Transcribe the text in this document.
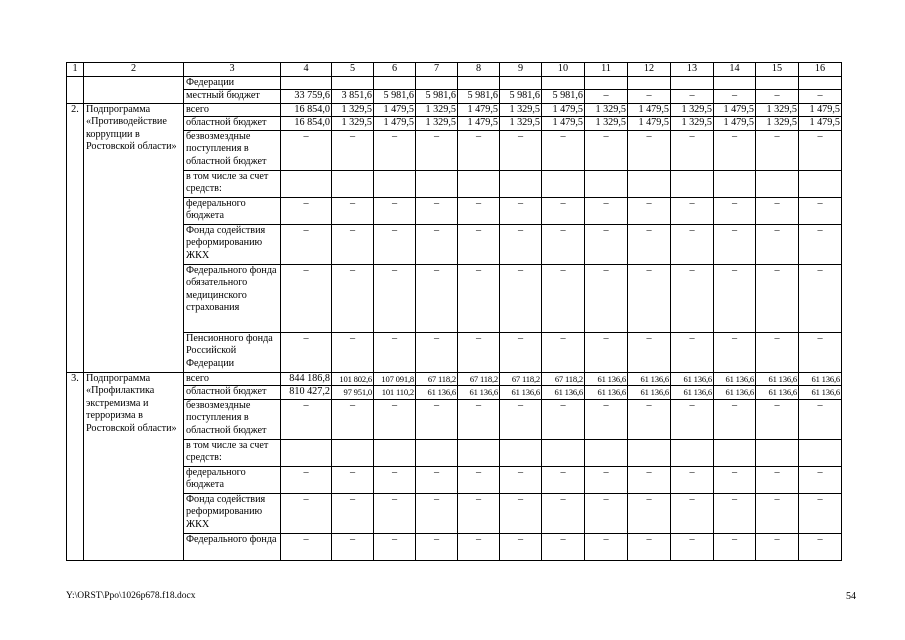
1	2	3	4	5	6	7	8	9	10	11	12	13	14	15	16	
		Федерации														
		местный бюджет	33 759,6	3 851,6	5 981,6	5 981,6	5 981,6	5 981,6	5 981,6	–	–	–	–	–	–	
2.	Подпрограмма «Противодействие коррупции в Ростовской области»	всего	16 854,0	1 329,5	1 479,5	1 329,5	1 479,5	1 329,5	1 479,5	1 329,5	1 479,5	1 329,5	1 479,5	1 329,5	1 479,5	
		областной бюджет	16 854,0	1 329,5	1 479,5	1 329,5	1 479,5	1 329,5	1 479,5	1 329,5	1 479,5	1 329,5	1 479,5	1 329,5	1 479,5	
		безвозмездные поступления в областной бюджет	–	–	–	–	–	–	–	–	–	–	–	–	–	
		в том числе за счет средств:														
		федерального бюджета	–	–	–	–	–	–	–	–	–	–	–	–	–	
		Фонда содействия реформированию ЖКХ	–	–	–	–	–	–	–	–	–	–	–	–	–	
		Федерального фонда обязательного медицинского страхования	–	–	–	–	–	–	–	–	–	–	–	–	–	
		Пенсионного фонда Российской Федерации	–	–	–	–	–	–	–	–	–	–	–	–	–	
3.	Подпрограмма «Профилактика экстремизма и терроризма в Ростовской области»	всего	844 186,8	101 802,6	107 091,8	67 118,2	67 118,2	67 118,2	67 118,2	61 136,6	61 136,6	61 136,6	61 136,6	61 136,6	61 136,6	
		областной бюджет	810 427,2	97 951,0	101 110,2	61 136,6	61 136,6	61 136,6	61 136,6	61 136,6	61 136,6	61 136,6	61 136,6	61 136,6	61 136,6	
		безвозмездные поступления в областной бюджет	–	–	–	–	–	–	–	–	–	–	–	–	–	
		в том числе за счет средств:														
		федерального бюджета	–	–	–	–	–	–	–	–	–	–	–	–	–	
		Фонда содействия реформированию ЖКХ	–	–	–	–	–	–	–	–	–	–	–	–	–	
		Федерального фонда	–	–	–	–	–	–	–	–	–	–	–	–	–	
Y:\ORST\Ppo\1026p678.f18.docx	54
